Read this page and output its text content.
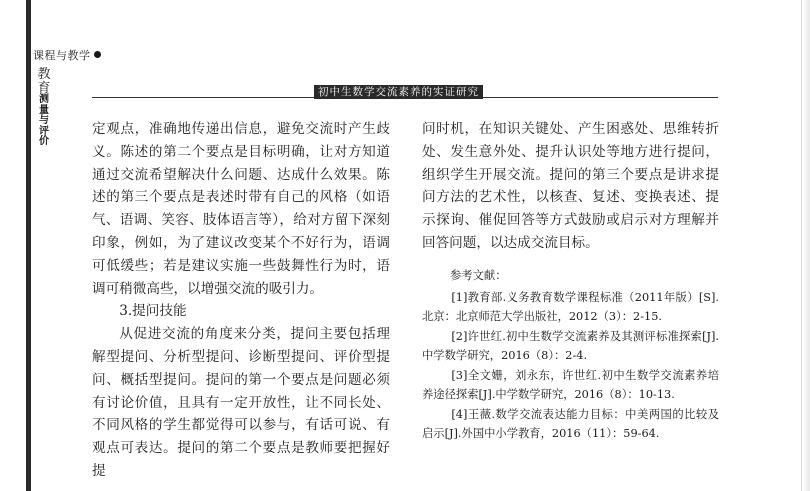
课程与教学
教
育
测
量
与
评
价
初中生数学交流素养的实证研究

定观点，准确地传递出信息，避免交流时产生歧义。陈述的第二个要点是目标明确，让对方知道通过交流希望解决什么问题、达成什么效果。陈述的第三个要点是表述时带有自己的风格（如语气、语调、笑容、肢体语言等），给对方留下深刻印象，例如，为了建议改变某个不好行为，语调可低缓些；若是建议实施一些鼓舞性行为时，语调可稍微高些，以增强交流的吸引力。

3.提问技能

从促进交流的角度来分类，提问主要包括理解型提问、分析型提问、诊断型提问、评价型提问、概括型提问。提问的第一个要点是问题必须有讨论价值，且具有一定开放性，让不同长处、不同风格的学生都觉得可以参与，有话可说、有观点可表达。提问的第二个要点是教师要把握好提

问时机，在知识关键处、产生困惑处、思维转折处、发生意外处、提升认识处等地方进行提问，组织学生开展交流。提问的第三个要点是讲求提问方法的艺术性，以核查、复述、变换表述、提示探询、催促回答等方式鼓励或启示对方理解并回答问题，以达成交流目标。

参考文献：

[1]教育部.义务教育数学课程标准（2011年版）[S].北京：北京师范大学出版社，2012（3）：2-15.

[2]许世红.初中生数学交流素养及其测评标准探索[J].中学数学研究，2016（8）：2-4.

[3]全文姗，刘永东，许世红.初中生数学交流素养培养途径探索[J].中学数学研究，2016（8）：10-13.

[4]王薇.数学交流表达能力目标：中美两国的比较及启示[J].外国中小学教育，2016（11）：59-64.
